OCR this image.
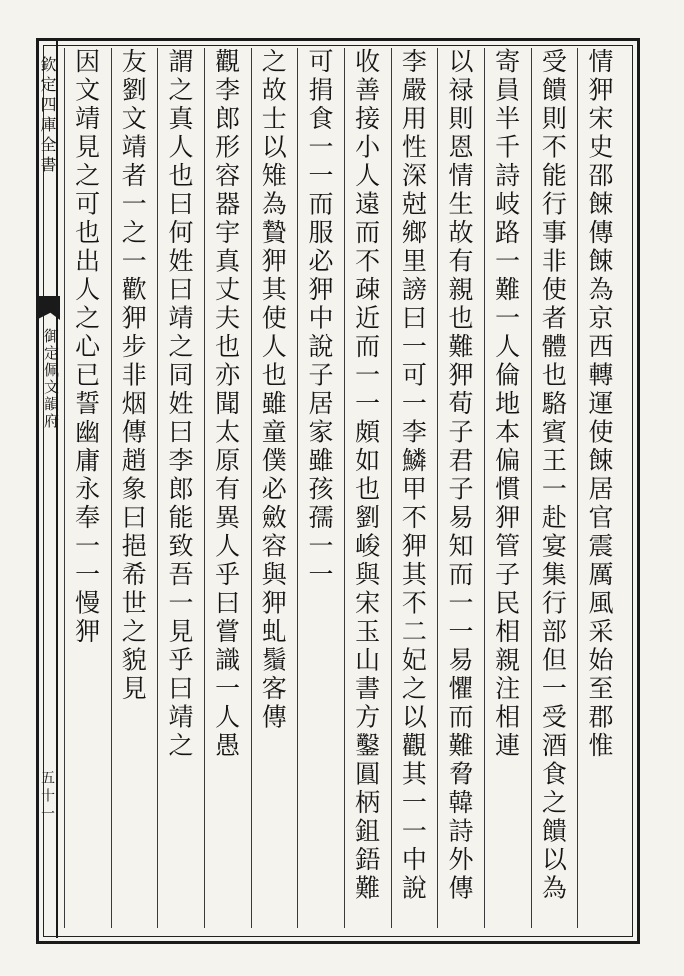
欽定四庫全書
御定佩文韻府
五十一
情狎宋史邵餗傳餗為京西轉運使餗居官震厲風采始至郡惟
受饋則不能行事非使者體也駱賓王一赴宴集行部但一受酒食之饋以為
寄員半千詩岐路一難一人倫地本偏慣狎管子民相親注相連
以禄則恩情生故有親也難狎荀子君子易知而一一易懼而難脅韓詩外傳
李嚴用性深尅鄉里謗曰一可一李鱗甲不狎其不二妃之以觀其一一中說
收善接小人遠而不疎近而一一頗如也劉峻與宋玉山書方鑿圓柄鉏鋙難
可捐食一一而服必狎中說子居家雖孩孺一一
之故士以雉為贄狎其使人也雖童僕必斂容與狎虬鬚客傳
觀李郎形容器宇真丈夫也亦聞太原有異人乎曰嘗識一人愚
謂之真人也曰何姓曰靖之同姓曰李郎能致吾一見乎曰靖之
友劉文靖者一之一歡狎步非烟傳趙象曰挹希世之貌見
因文靖見之可也出人之心已誓幽庸永奉一一慢狎
